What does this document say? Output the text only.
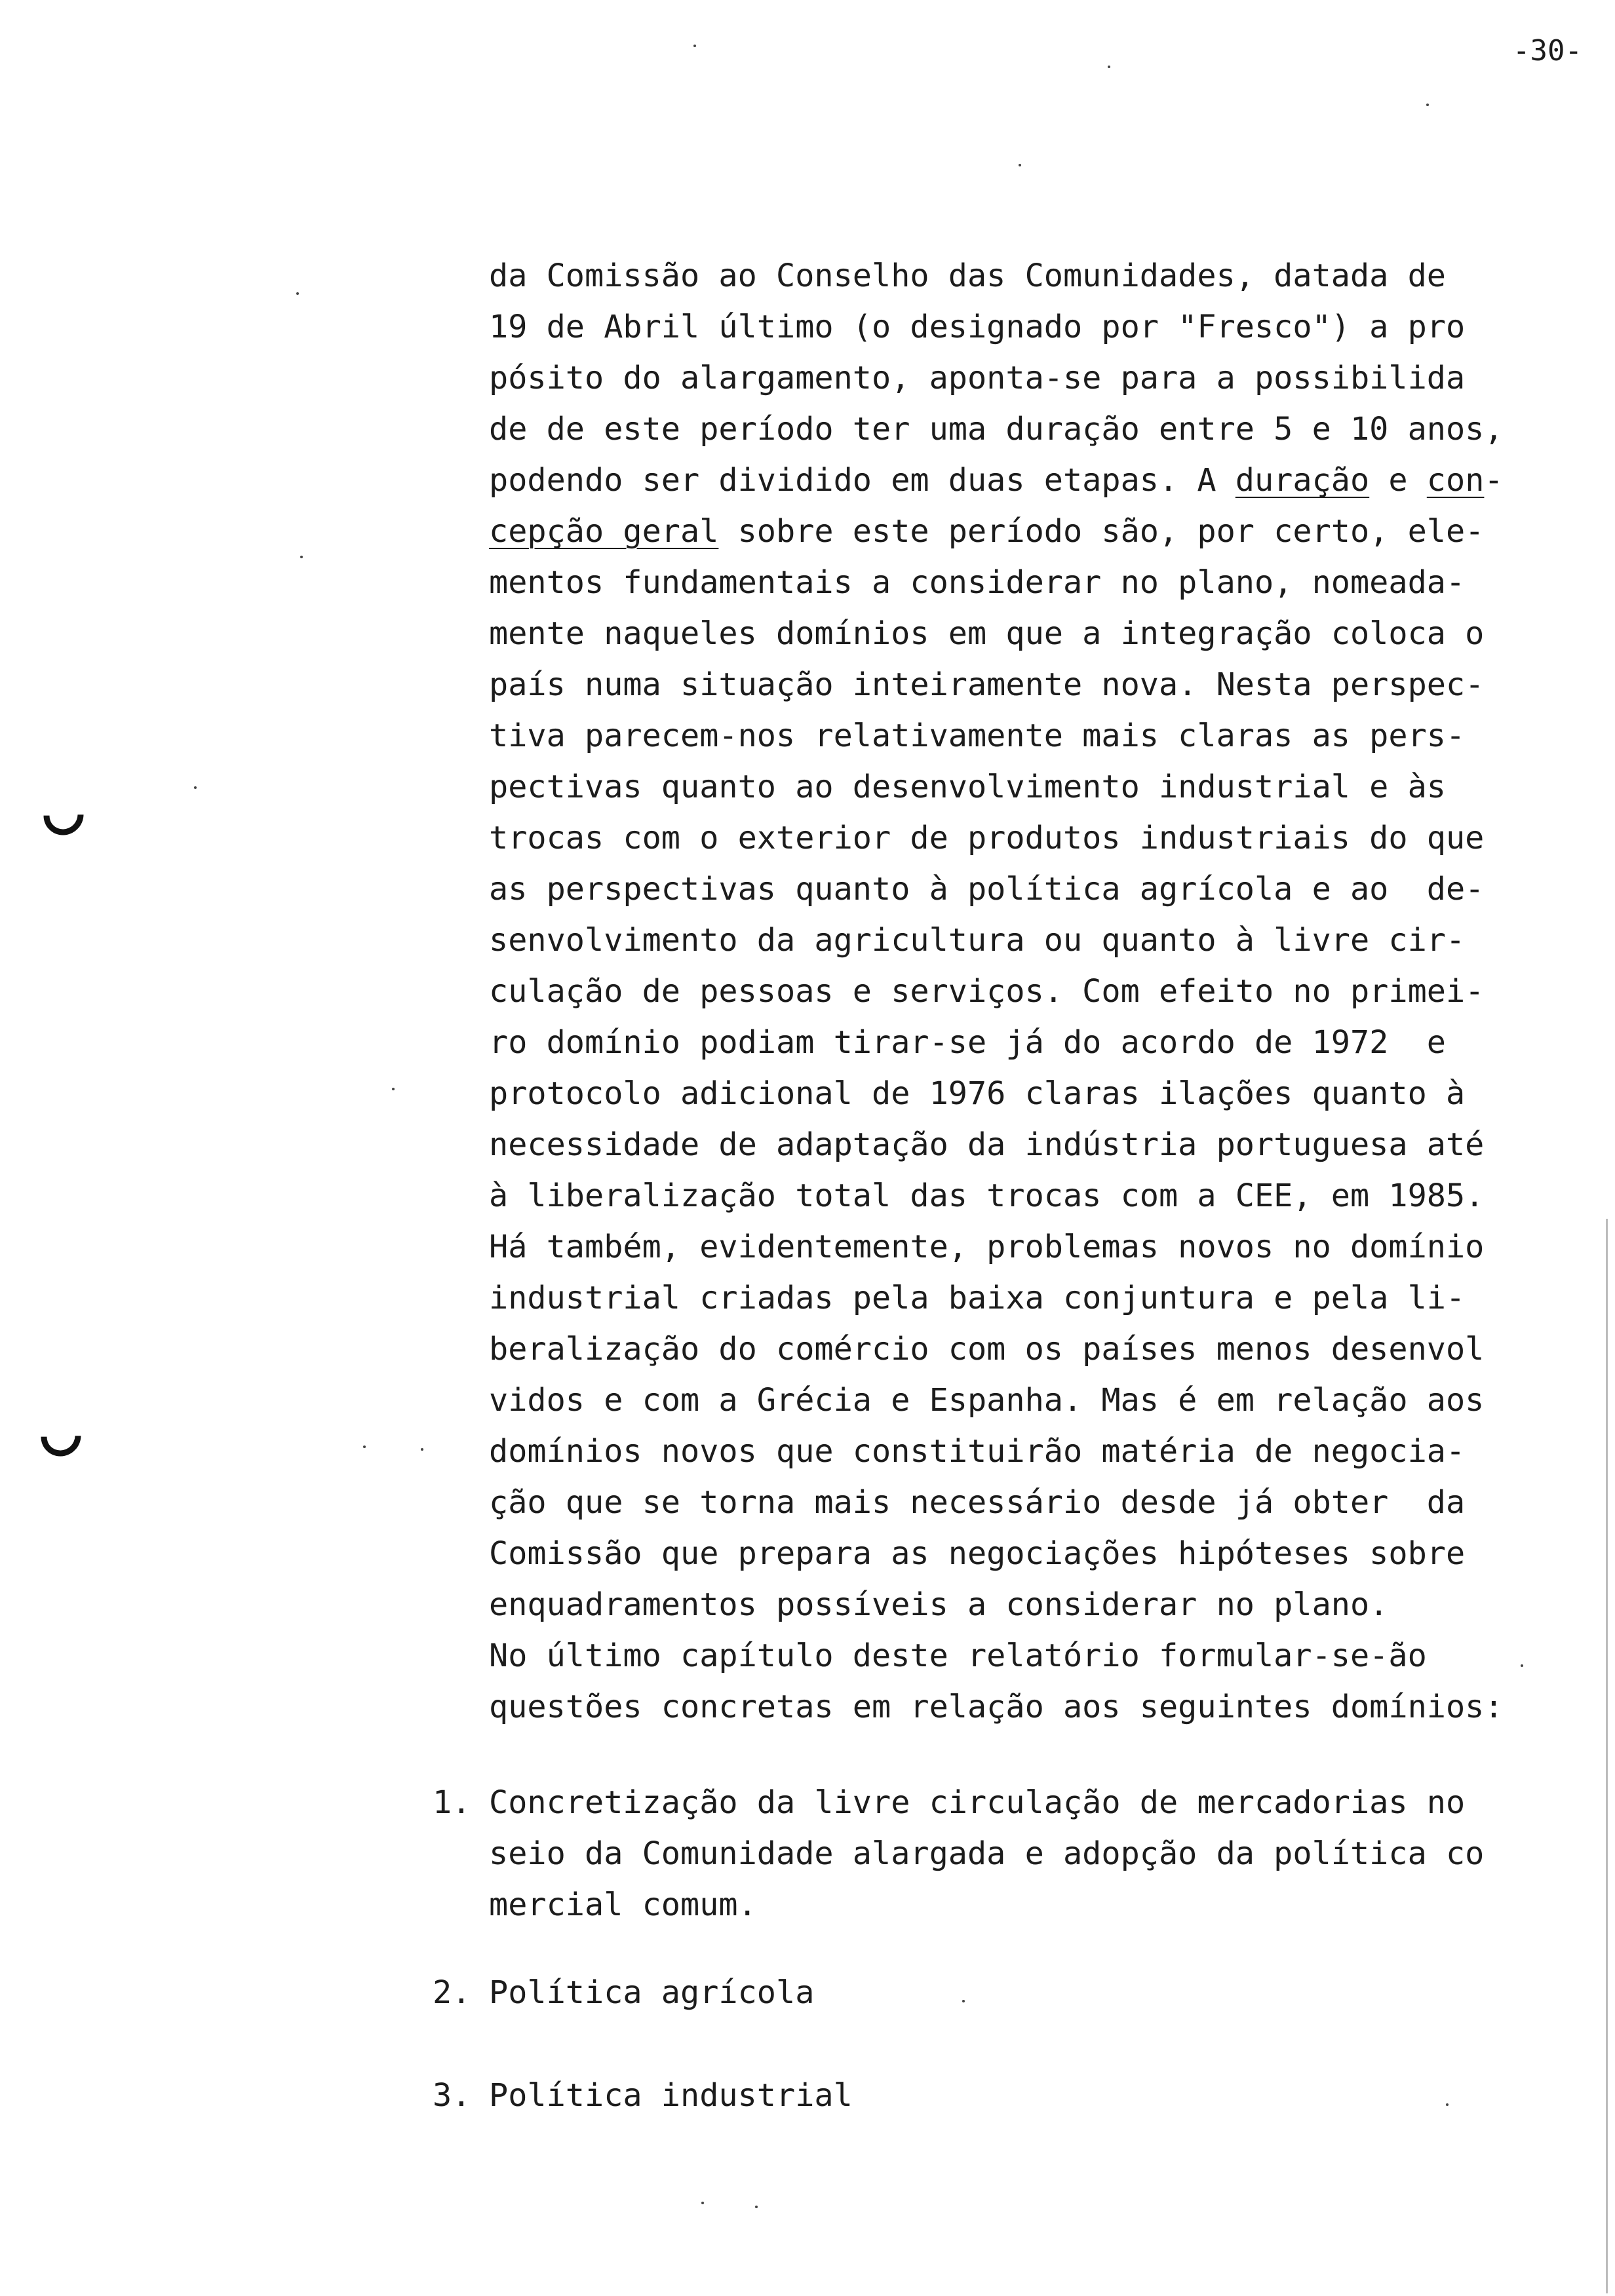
-30-
da Comissão ao Conselho das Comunidades, datada de
19 de Abril último (o designado por "Fresco") a pro
pósito do alargamento, aponta-se para a possibilida
de de este período ter uma duração entre 5 e 10 anos,
podendo ser dividido em duas etapas. A duração e con-
cepção geral sobre este período são, por certo, ele-
mentos fundamentais a considerar no plano, nomeada-
mente naqueles domínios em que a integração coloca o
país numa situação inteiramente nova. Nesta perspec-
tiva parecem-nos relativamente mais claras as pers-
pectivas quanto ao desenvolvimento industrial e às
trocas com o exterior de produtos industriais do que
as perspectivas quanto à política agrícola e ao  de-
senvolvimento da agricultura ou quanto à livre cir-
culação de pessoas e serviços. Com efeito no primei-
ro domínio podiam tirar-se já do acordo de 1972  e
protocolo adicional de 1976 claras ilações quanto à
necessidade de adaptação da indústria portuguesa até
à liberalização total das trocas com a CEE, em 1985.
Há também, evidentemente, problemas novos no domínio
industrial criadas pela baixa conjuntura e pela li-
beralização do comércio com os países menos desenvol
vidos e com a Grécia e Espanha. Mas é em relação aos
domínios novos que constituirão matéria de negocia-
ção que se torna mais necessário desde já obter  da
Comissão que prepara as negociações hipóteses sobre
enquadramentos possíveis a considerar no plano.
No último capítulo deste relatório formular-se-ão
questões concretas em relação aos seguintes domínios:
1. Concretização da livre circulação de mercadorias no
seio da Comunidade alargada e adopção da política co
mercial comum.
2. Política agrícola
3. Política industrial
